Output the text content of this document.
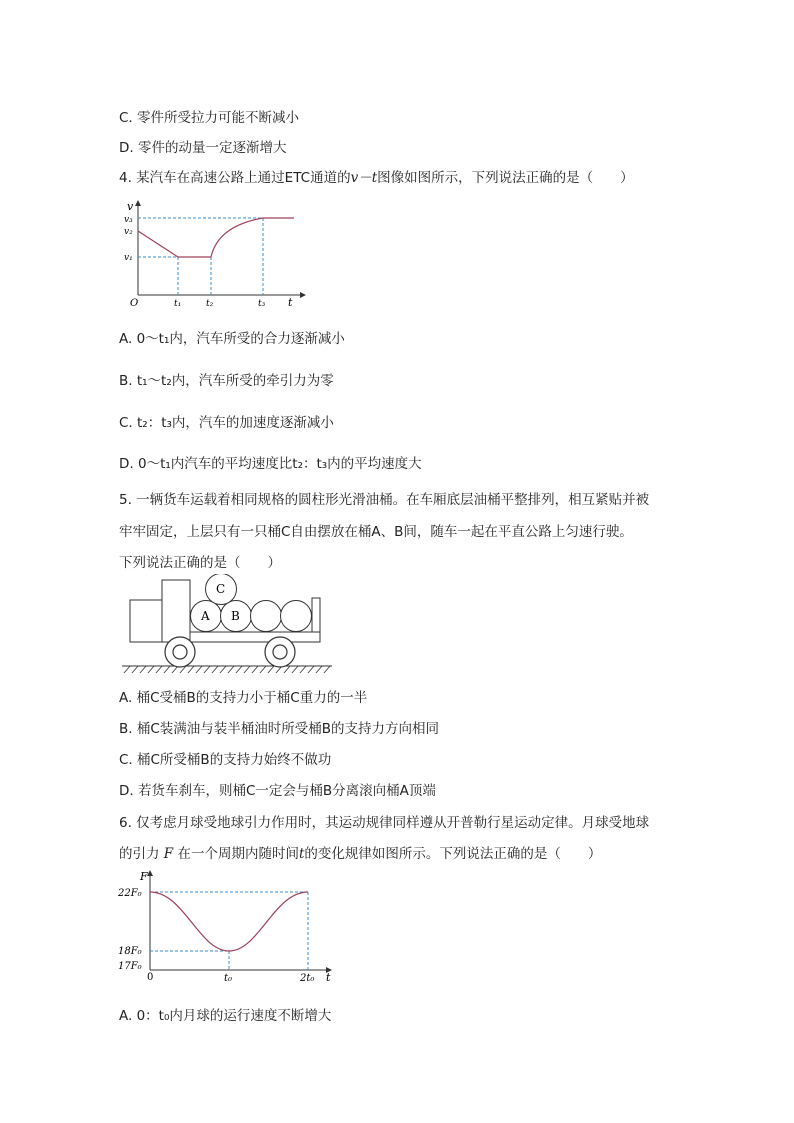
C. 零件所受拉力可能不断减小
D. 零件的动量一定逐渐增大
4. 某汽车在高速公路上通过ETC通道的v－t图像如图所示，下列说法正确的是（　　）
v
v₃
v₂
v₁
O	t₁	t₂	t₃ t
A. 0～t₁内，汽车所受的合力逐渐减小
B. t₁～t₂内，汽车所受的牵引力为零
C. t₂：t₃内，汽车的加速度逐渐减小
D. 0～t₁内汽车的平均速度比t₂：t₃内的平均速度大
5. 一辆货车运载着相同规格的圆柱形光滑油桶。在车厢底层油桶平整排列，相互紧贴并被
牢牢固定，上层只有一只桶C自由摆放在桶A、B间，随车一起在平直公路上匀速行驶。
下列说法正确的是（　　）
A B
C
A. 桶C受桶B的支持力小于桶C重力的一半
B. 桶C装满油与装半桶油时所受桶B的支持力方向相同
C. 桶C所受桶B的支持力始终不做功
D. 若货车刹车，则桶C一定会与桶B分离滚向桶A顶端
6. 仅考虑月球受地球引力作用时，其运动规律同样遵从开普勒行星运动定律。月球受地球
的引力 F 在一个周期内随时间t的变化规律如图所示。下列说法正确的是（　　）
F
22F₀
18F₀
17F₀
0	t₀	2t₀ t
A. 0：t₀内月球的运行速度不断增大
